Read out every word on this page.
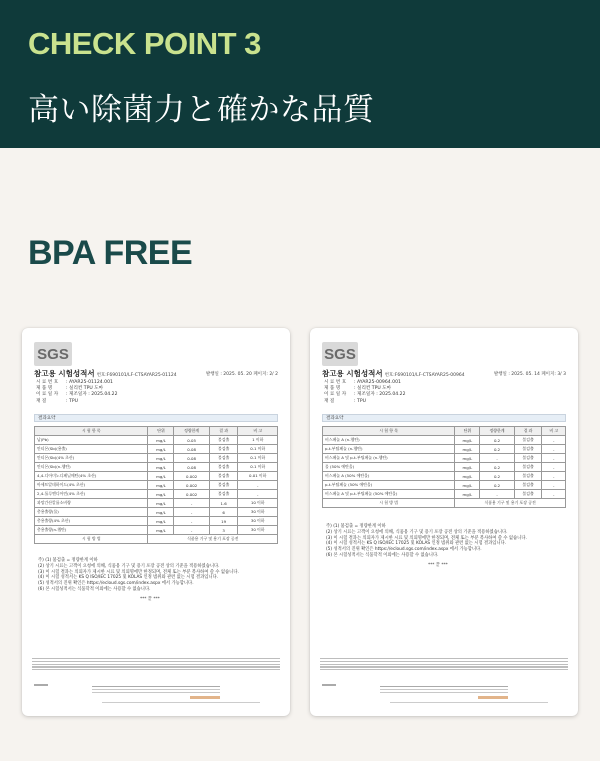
CHECK POINT 3
高い除菌力と確かな品質
BPA FREE
SGS
참고용 시험성적서 번호:F690101/LF-CTSAYAR25-01124	발행일 : 2025. 05. 20 페이지: 2/ 2
시 료 번 호 : AYAR25-01124.001
제 품 명	: 실리컨 TPU 도마
이 료 일 자 : 제조일자 : 2025.04.22
재 질	: TPU
결과요약
시 험 항 목	단위	정량한계	결 과	비 고
납(Pb)	mg/L	0.05	불검출	1 이하
안티몬(Sb)(용출)	mg/L	0.08	불검출	0.1 이하
안티몬(Sb)(4% 초산)	mg/L	0.08	불검출	0.1 이하
안티몬(Sb)(n-헵탄)	mg/L	0.08	불검출	0.1 이하
4,4-디아미노디페닐메탄(4% 초산)	mg/L	0.002	불검출	0.01 이하
아세트알데하이드(4% 초산)	mg/L	0.002	불검출	-
2,4-톨루엔디아민(4% 초산)	mg/L	0.002	불검출	-
과망간산칼륨소비량	mg/L	-	1.6	10 이하
총용출량(물)	mg/L	-	6	30 이하
총용출량(4% 초산)	mg/L	-	19	30 이하
총용출량(n-헵탄)	mg/L	-	3	30 이하
시 험 방 법	식품용 기구 및 용기 포장 공전			
주) (1) 불검출 = 정량한계 이하
(2) 상기 시료는 고객이 요청에 의해, 식품용 기구 및 용기 포장 공전 상의 기준을 적용하였습니다.
(3) 이 시험 결과는 의뢰자가 제시한 시료 및 의뢰명에만 한정되며, 전체 또는 부분 복사하여 쓸 수 없습니다.
(4) 이 시험 성적서는 KS Q ISO/IEC 17025 및 KOLAS 인정 범위와 관련 없는 시험 결과입니다.
(5) 성적서의 진위 확인은 https://ecloud.sgs.com/index.aspx 에서 가능합니다.
(6) 본 시험성적서는 식품학적 이외에는 사용할 수 없습니다.
*** 끝 ***
SGS
참고용 시험성적서 번호:F690101/LF-CTSAYAR25-00964	발행일 : 2025. 05. 14 페이지: 3/ 3
시 료 번 호 : AYAR25-00964.001
제 품 명	: 실리컨 TPU 도마
이 료 일 자 : 제조일자 : 2025.04.22
재 질	: TPU
결과요약
시 험 항 목	단위	정량한계	결 과	비 고
비스페놀 A (n-헵탄)	mg/L	0.2	불검출	-
p-t-부틸페놀 (n-헵탄)	mg/L	0.2	불검출	-
비스페놀 A 및 p-t-부틸페놀 (n-헵탄)	mg/L	-	불검출	-
물 (50% 에탄올)	mg/L	0.2	불검출	-
비스페놀 A (50% 에탄올)	mg/L	0.2	불검출	-
p-t-부틸페놀 (50% 에탄올)	mg/L	0.2	불검출	-
비스페놀 A 및 p-t-부틸페놀 (50% 에탄올)	mg/L	-	불검출	-
시 험 방 법	식품용 기구 및 용기 포장 공전			
주) (1) 불검출 = 정량한계 이하
(2) 상기 시료는 고객이 요청에 의해, 식품용 기구 및 용기 포장 공전 상의 기준을 적용하였습니다.
(3) 이 시험 결과는 의뢰자가 제시한 시료 및 의뢰명에만 한정되며, 전체 또는 부분 복사하여 쓸 수 없습니다.
(4) 이 시험 성적서는 KS Q ISO/IEC 17025 및 KOLAS 인정 범위와 관련 없는 시험 결과입니다.
(5) 성적서의 진위 확인은 https://ecloud.sgs.com/index.aspx 에서 가능합니다.
(6) 본 시험성적서는 식품학적 이외에는 사용할 수 없습니다.
*** 끝 ***
